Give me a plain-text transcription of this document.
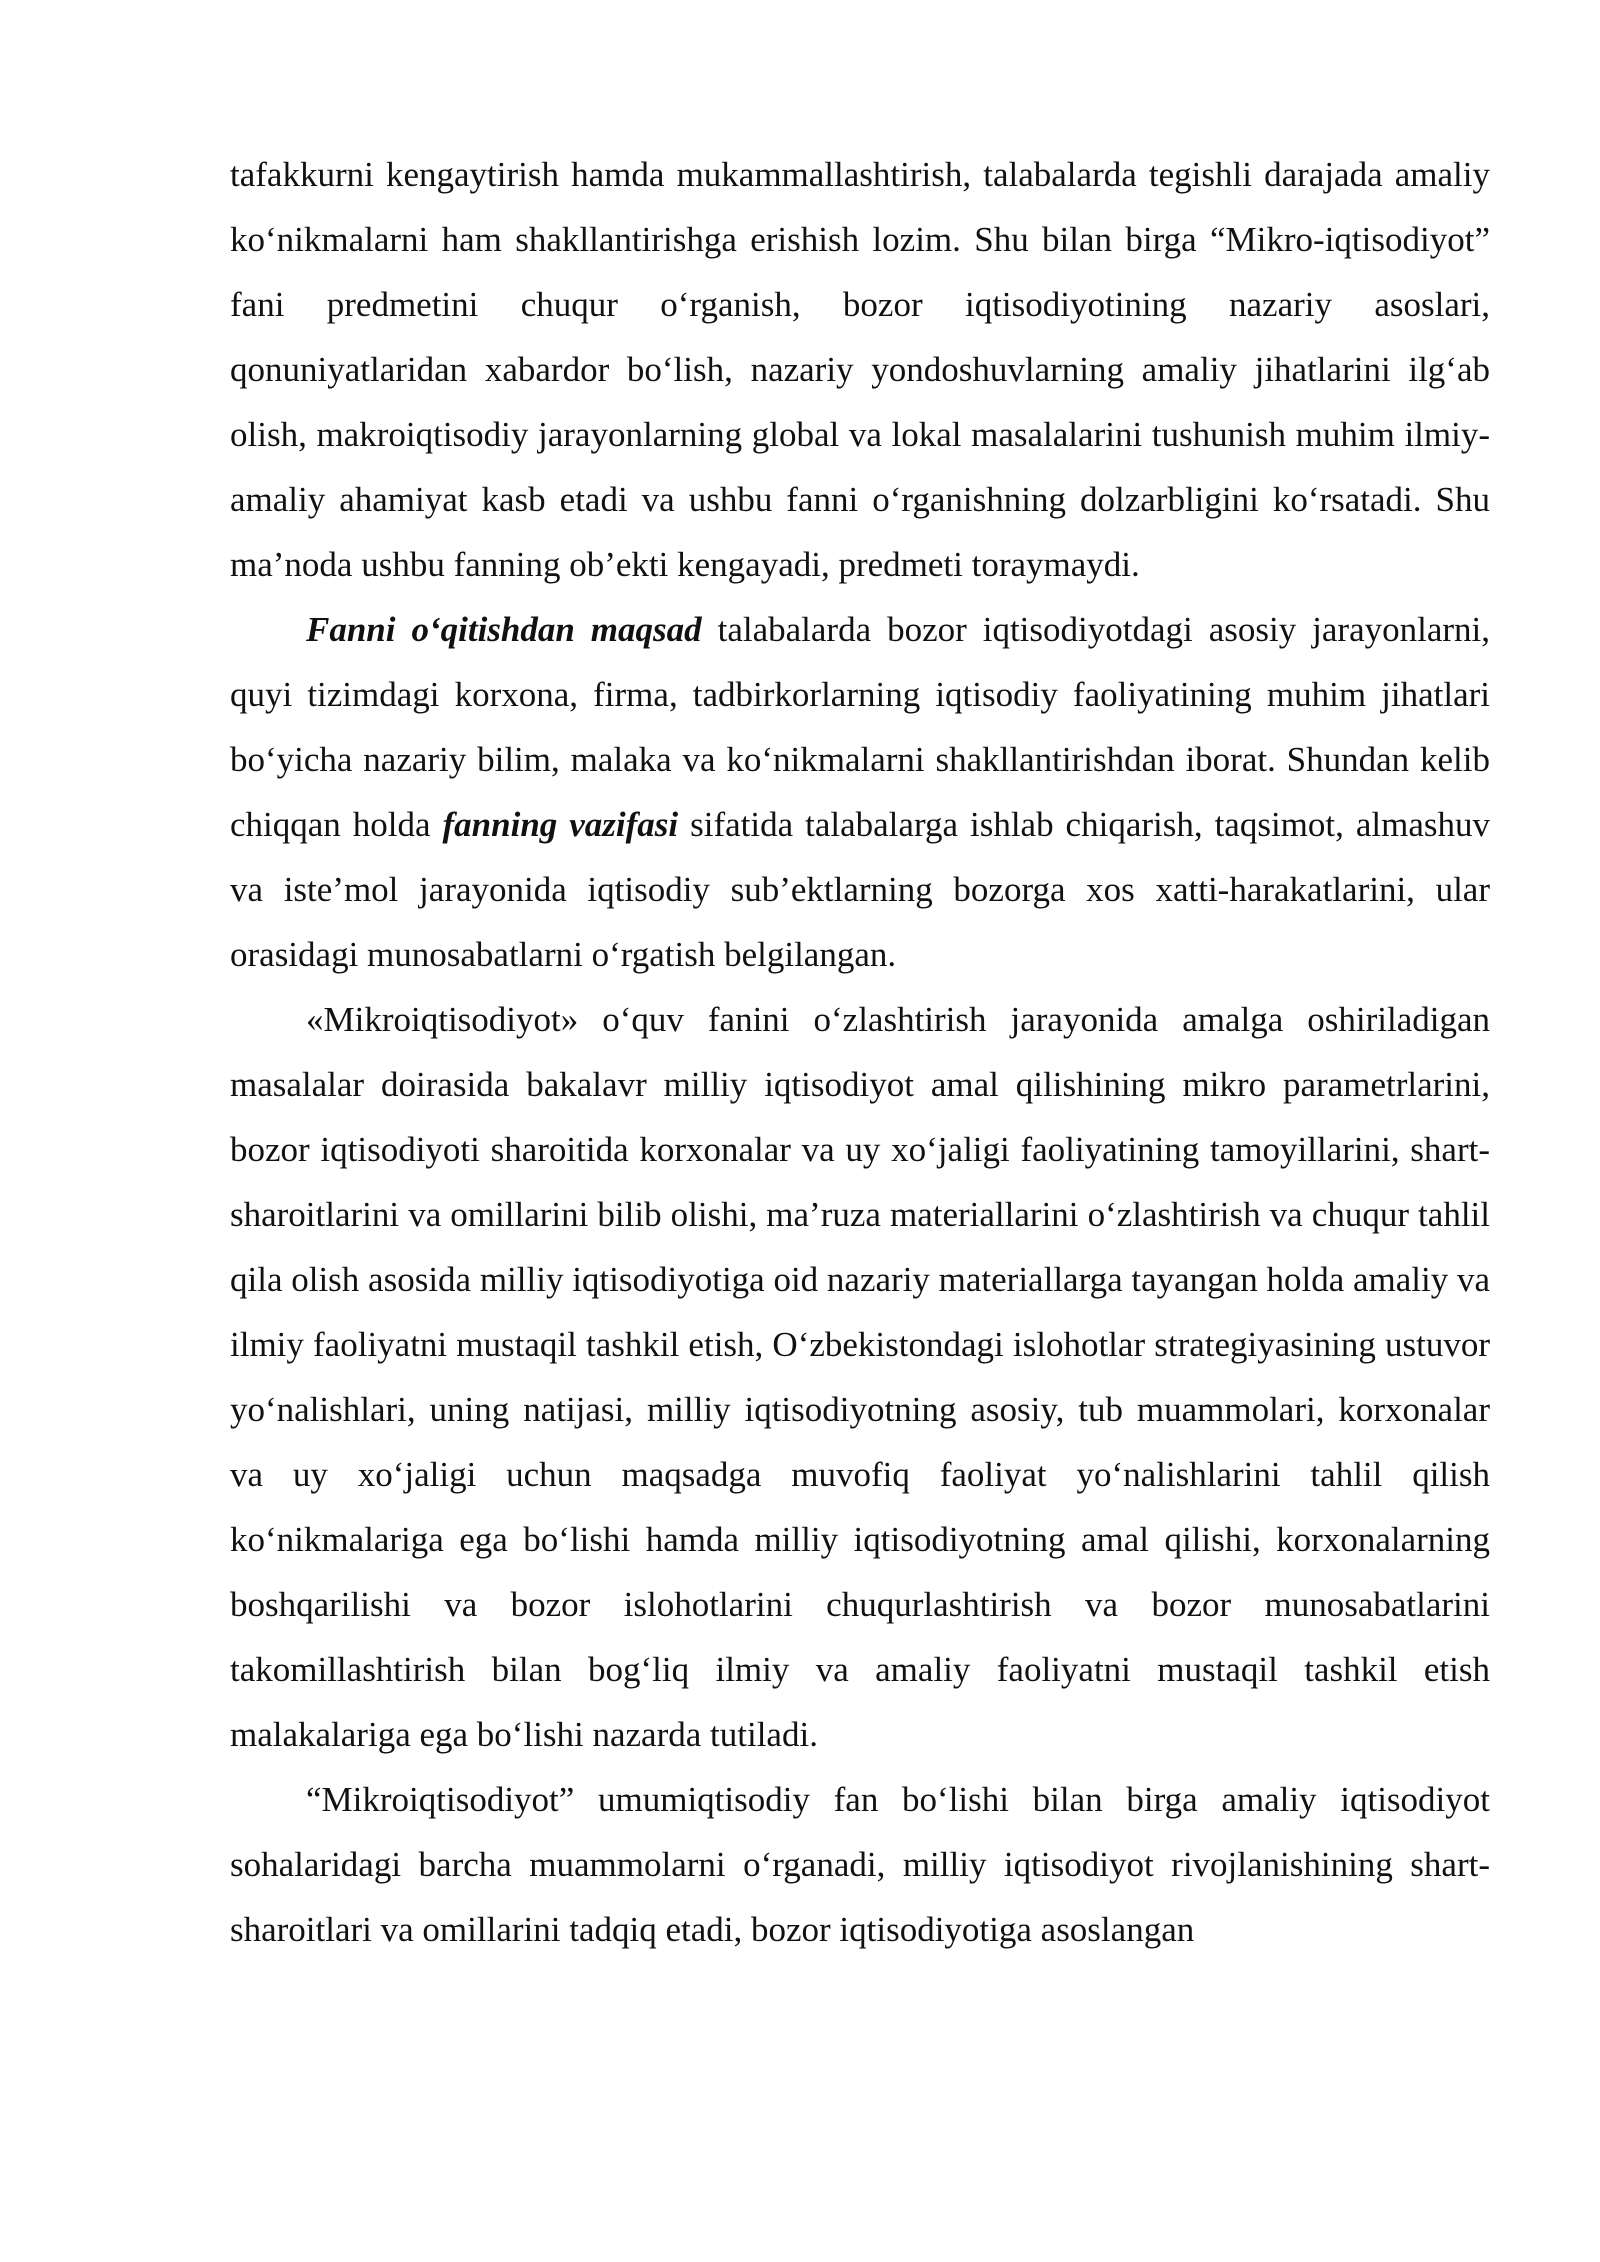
tafakkurni kengaytirish hamda mukammallashtirish, talabalarda tegishli darajada amaliy ko‘nikmalarni ham shakllantirishga erishish lozim. Shu bilan birga “Mikro-iqtisodiyot” fani predmetini chuqur o‘rganish, bozor iqtisodiyotining nazariy asoslari, qonuniyatlaridan xabardor bo‘lish, nazariy yondoshuvlarning amaliy jihatlarini ilg‘ab olish, makroiqtisodiy jarayonlarning global va lokal masalalarini tushunish muhim ilmiy-amaliy ahamiyat kasb etadi va ushbu fanni o‘rganishning dolzarbligini ko‘rsatadi. Shu ma’noda ushbu fanning ob’ekti kengayadi, predmeti toraymaydi.

Fanni o‘qitishdan maqsad talabalarda bozor iqtisodiyotdagi asosiy jarayonlarni, quyi tizimdagi korxona, firma, tadbirkorlarning iqtisodiy faoliyatining muhim jihatlari bo‘yicha nazariy bilim, malaka va ko‘nikmalarni shakllantirishdan iborat. Shundan kelib chiqqan holda fanning vazifasi sifatida talabalarga ishlab chiqarish, taqsimot, almashuv va iste’mol jarayonida iqtisodiy sub’ektlarning bozorga xos xatti-harakatlarini, ular orasidagi munosabatlarni o‘rgatish belgilangan.

«Mikroiqtisodiyot» o‘quv fanini o‘zlashtirish jarayonida amalga oshiriladigan masalalar doirasida bakalavr milliy iqtisodiyot amal qilishining mikro parametrlarini, bozor iqtisodiyoti sharoitida korxonalar va uy xo‘jaligi faoliyatining tamoyillarini, shart-sharoitlarini va omillarini bilib olishi, ma’ruza materiallarini o‘zlashtirish va chuqur tahlil qila olish asosida milliy iqtisodiyotiga oid nazariy materiallarga tayangan holda amaliy va ilmiy faoliyatni mustaqil tashkil etish, O‘zbekistondagi islohotlar strategiyasining ustuvor yo‘nalishlari, uning natijasi, milliy iqtisodiyotning asosiy, tub muammolari, korxonalar va uy xo‘jaligi uchun maqsadga muvofiq faoliyat yo‘nalishlarini tahlil qilish ko‘nikmalariga ega bo‘lishi hamda milliy iqtisodiyotning amal qilishi, korxonalarning boshqarilishi va bozor islohotlarini chuqurlashtirish va bozor munosabatlarini takomillashtirish bilan bog‘liq ilmiy va amaliy faoliyatni mustaqil tashkil etish malakalariga ega bo‘lishi nazarda tutiladi.

“Mikroiqtisodiyot” umumiqtisodiy fan bo‘lishi bilan birga amaliy iqtisodiyot sohalaridagi barcha muammolarni o‘rganadi, milliy iqtisodiyot rivojlanishining shart-sharoitlari va omillarini tadqiq etadi, bozor iqtisodiyotiga asoslangan
